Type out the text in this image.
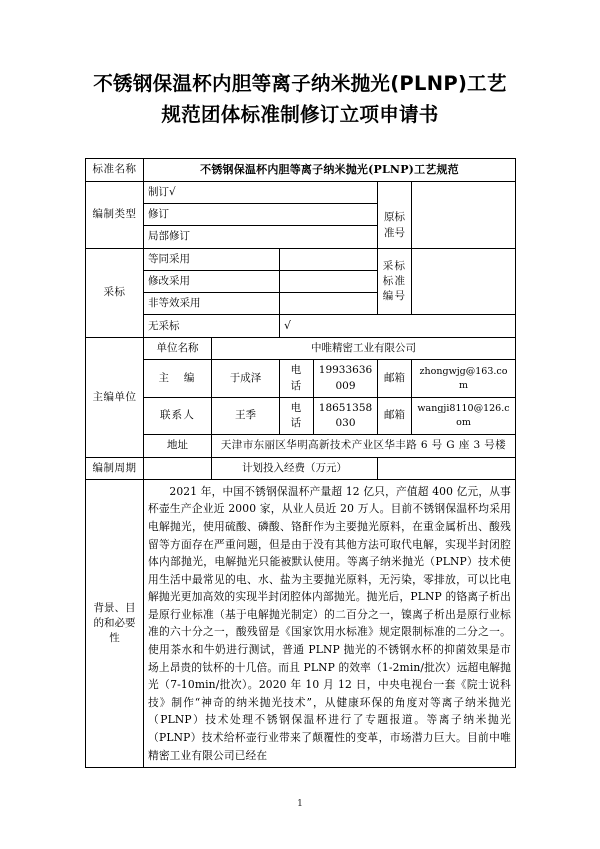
不锈钢保温杯内胆等离子纳米抛光(PLNP)工艺
规范团体标准制修订立项申请书
标准名称	不锈钢保温杯内胆等离子纳米抛光(PLNP)工艺规范					
编制类型	制订√					
	修订				原标准号	
	局部修订					
采标	等同采用				采标标准编号	
	修改采用					
	非等效采用					
	无采标		√			
主编单位	单位名称	中唯精密工业有限公司				
	主　编	于成泽	电　话	19933636009	邮箱	zhongwjg@163.com
	联系人	王季	电　话	18651358030	邮箱	wangji8110@126.com
	地址	天津市东丽区华明高新技术产业区华丰路 6 号 G 座 3 号楼				
编制周期		计划投入经费（万元）				
背景、目的和必要性	2021 年，中国不锈钢保温杯产量超 12 亿只，产值超 400 亿元，从事杯壶生产企业近 2000 家，从业人员近 20 万人。目前不锈钢保温杯均采用电解抛光，使用硫酸、磷酸、铬酐作为主要抛光原料，在重金属析出、酸残留等方面存在严重问题，但是由于没有其他方法可取代电解，实现半封闭腔体内部抛光，电解抛光只能被默认使用。等离子纳米抛光（PLNP）技术使用生活中最常见的电、水、盐为主要抛光原料，无污染，零排放，可以比电解抛光更加高效的实现半封闭腔体内部抛光。抛光后，PLNP 的铬离子析出是原行业标准（基于电解抛光制定）的二百分之一，镍离子析出是原行业标准的六十分之一，酸残留是《国家饮用水标准》规定限制标准的二分之一。使用茶水和牛奶进行测试，普通 PLNP 抛光的不锈钢水杯的抑菌效果是市场上昂贵的钛杯的十几倍。而且 PLNP 的效率（1-2min/批次）远超电解抛光（7-10min/批次）。2020 年 10 月 12 日，中央电视台一套《院士说科技》制作“神奇的纳米抛光技术”，从健康环保的角度对等离子纳米抛光（PLNP）技术处理不锈钢保温杯进行了专题报道。等离子纳米抛光（PLNP）技术给杯壶行业带来了颠覆性的变革，市场潜力巨大。目前中唯精密工业有限公司已经在					
1
